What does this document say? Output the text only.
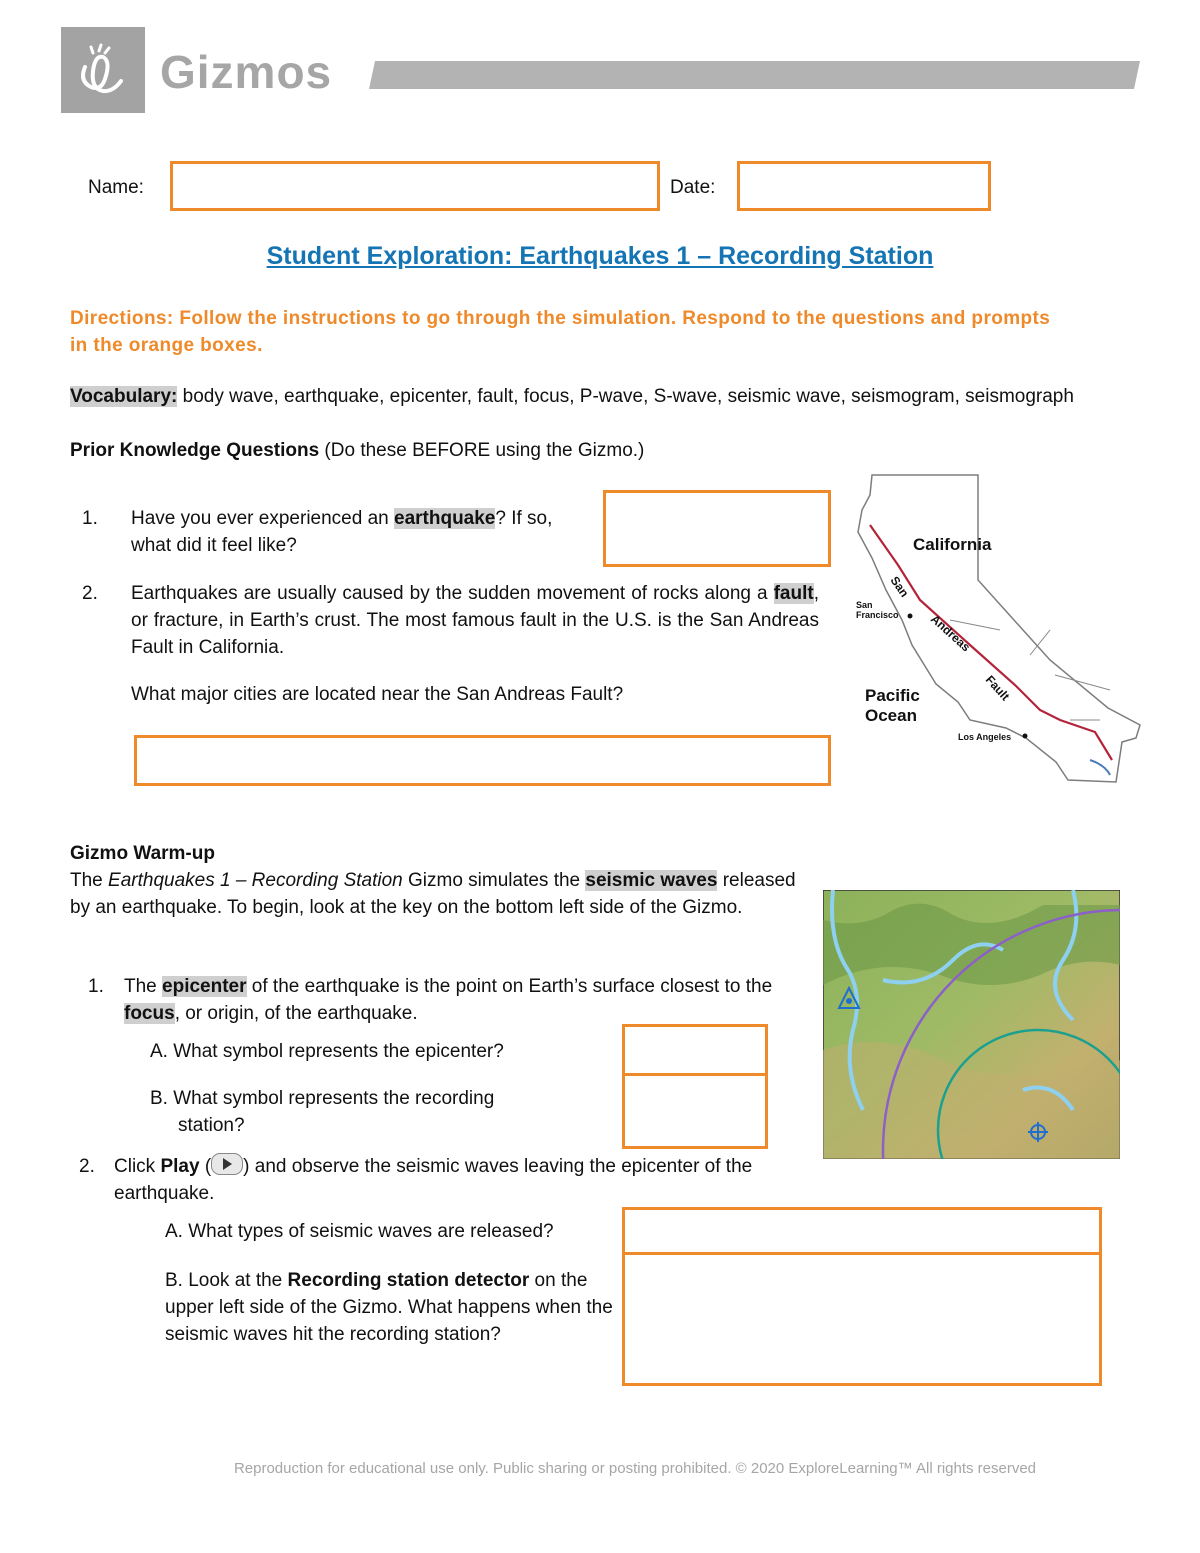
Gizmos
Name:	Date:
Student Exploration: Earthquakes 1 – Recording Station
Directions: Follow the instructions to go through the simulation. Respond to the questions and prompts in the orange boxes.
Vocabulary: body wave, earthquake, epicenter, fault, focus, P-wave, S-wave, seismic wave, seismogram, seismograph
Prior Knowledge Questions (Do these BEFORE using the Gizmo.)
1. Have you ever experienced an earthquake? If so, what did it feel like?
2. Earthquakes are usually caused by the sudden movement of rocks along a fault, or fracture, in Earth’s crust. The most famous fault in the U.S. is the San Andreas Fault in California.
What major cities are located near the San Andreas Fault?
California
Pacific
Ocean
San
Francisco
Los Angeles
San
Andreas
Fault
Gizmo Warm-up
The Earthquakes 1 – Recording Station Gizmo simulates the seismic waves released by an earthquake. To begin, look at the key on the bottom left side of the Gizmo.
1. The epicenter of the earthquake is the point on Earth’s surface closest to the focus, or origin, of the earthquake.
A. What symbol represents the epicenter?
B. What symbol represents the recording
station?
2. Click Play ( ) and observe the seismic waves leaving the epicenter of the earthquake.
A. What types of seismic waves are released?
B. Look at the Recording station detector on the upper left side of the Gizmo. What happens when the seismic waves hit the recording station?
Reproduction for educational use only. Public sharing or posting prohibited. © 2020 ExploreLearning™ All rights reserved
